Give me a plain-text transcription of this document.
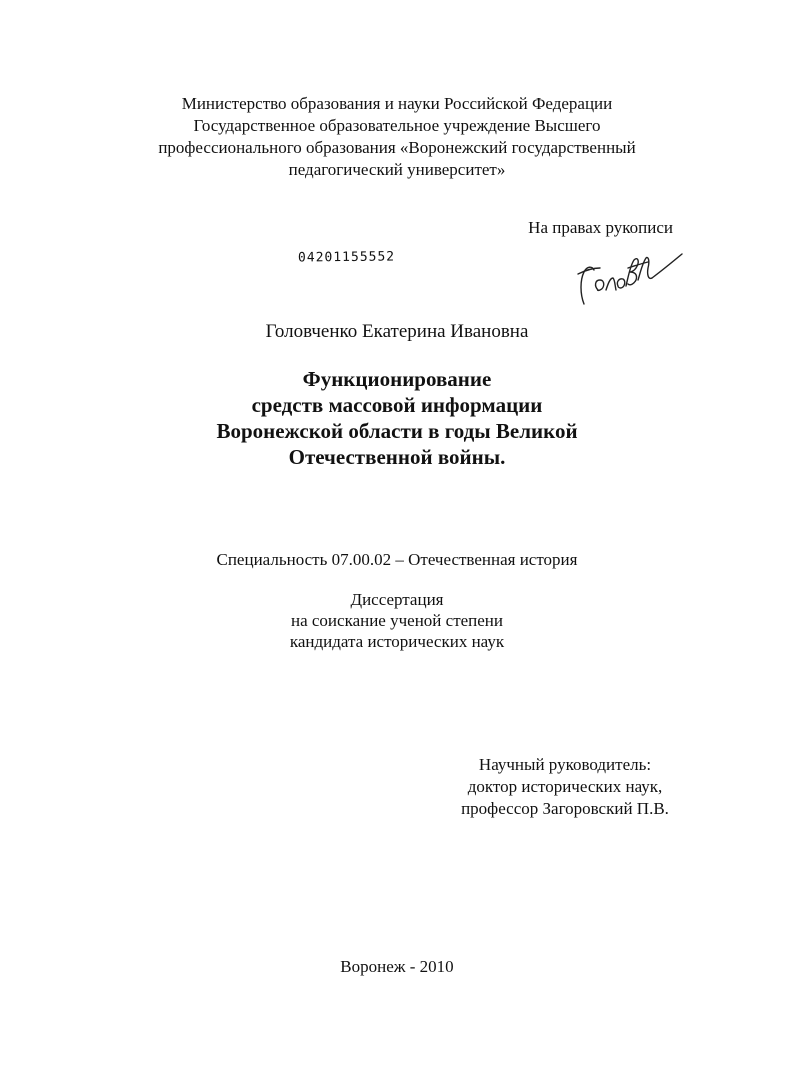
Министерство образования и науки Российской Федерации
Государственное образовательное учреждение Высшего
профессионального образования «Воронежский государственный
педагогический университет»
На правах рукописи
04201155552
Головченко Екатерина Ивановна
Функционирование
средств массовой информации
Воронежской области в годы Великой
Отечественной войны.
Специальность 07.00.02 – Отечественная история
Диссертация
на соискание ученой степени
кандидата исторических наук
Научный руководитель:
доктор исторических наук,
профессор Загоровский П.В.
Воронеж - 2010
